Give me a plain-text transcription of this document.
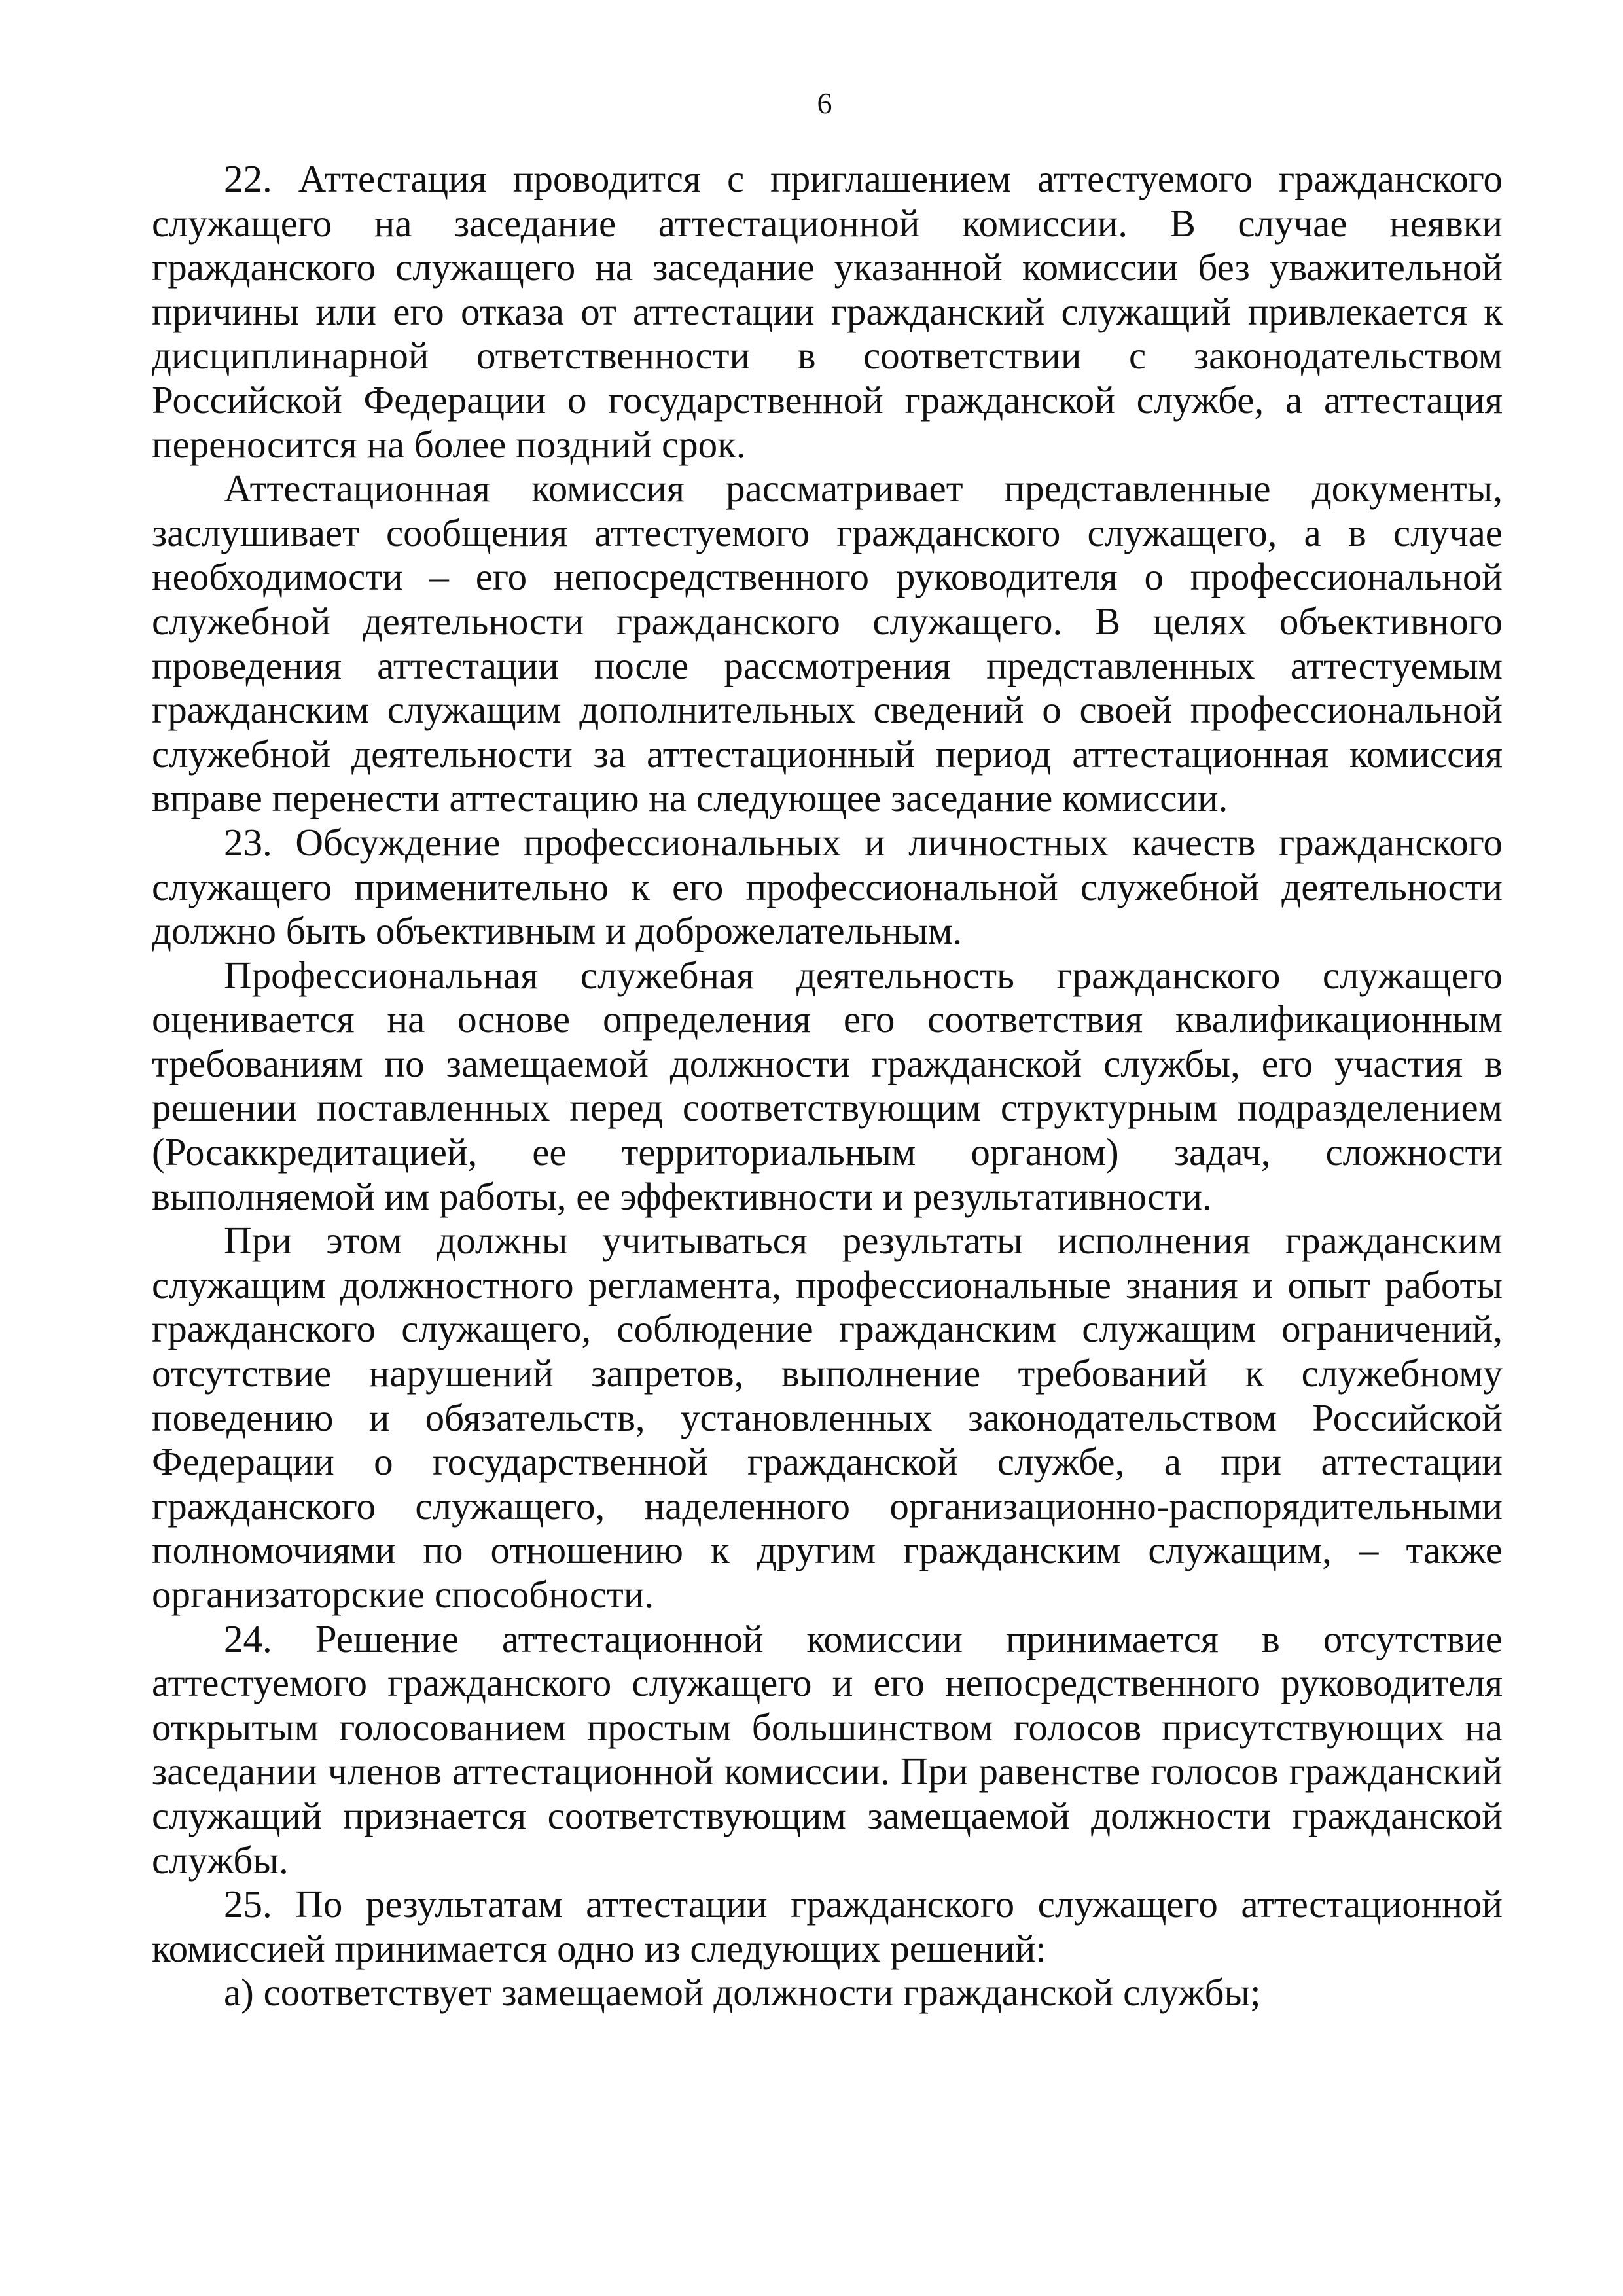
6

22. Аттестация проводится с приглашением аттестуемого гражданского служащего на заседание аттестационной комиссии. В случае неявки гражданского служащего на заседание указанной комиссии без уважительной причины или его отказа от аттестации гражданский служащий привлекается к дисциплинарной ответственности в соответствии с законодательством Российской Федерации о государственной гражданской службе, а аттестация переносится на более поздний срок.

Аттестационная комиссия рассматривает представленные документы, заслушивает сообщения аттестуемого гражданского служащего, а в случае необходимости – его непосредственного руководителя о профессиональной служебной деятельности гражданского служащего. В целях объективного проведения аттестации после рассмотрения представленных аттестуемым гражданским служащим дополнительных сведений о своей профессиональной служебной деятельности за аттестационный период аттестационная комиссия вправе перенести аттестацию на следующее заседание комиссии.

23. Обсуждение профессиональных и личностных качеств гражданского служащего применительно к его профессиональной служебной деятельности должно быть объективным и доброжелательным.

Профессиональная служебная деятельность гражданского служащего оценивается на основе определения его соответствия квалификационным требованиям по замещаемой должности гражданской службы, его участия в решении поставленных перед соответствующим структурным подразделением (Росаккредитацией, ее территориальным органом) задач, сложности выполняемой им работы, ее эффективности и результативности.

При этом должны учитываться результаты исполнения гражданским служащим должностного регламента, профессиональные знания и опыт работы гражданского служащего, соблюдение гражданским служащим ограничений, отсутствие нарушений запретов, выполнение требований к служебному поведению и обязательств, установленных законодательством Российской Федерации о государственной гражданской службе, а при аттестации гражданского служащего, наделенного организационно-распорядительными полномочиями по отношению к другим гражданским служащим, – также организаторские способности.

24. Решение аттестационной комиссии принимается в отсутствие аттестуемого гражданского служащего и его непосредственного руководителя открытым голосованием простым большинством голосов присутствующих на заседании членов аттестационной комиссии. При равенстве голосов гражданский служащий признается соответствующим замещаемой должности гражданской службы.

25. По результатам аттестации гражданского служащего аттестационной комиссией принимается одно из следующих решений:

а) соответствует замещаемой должности гражданской службы;
